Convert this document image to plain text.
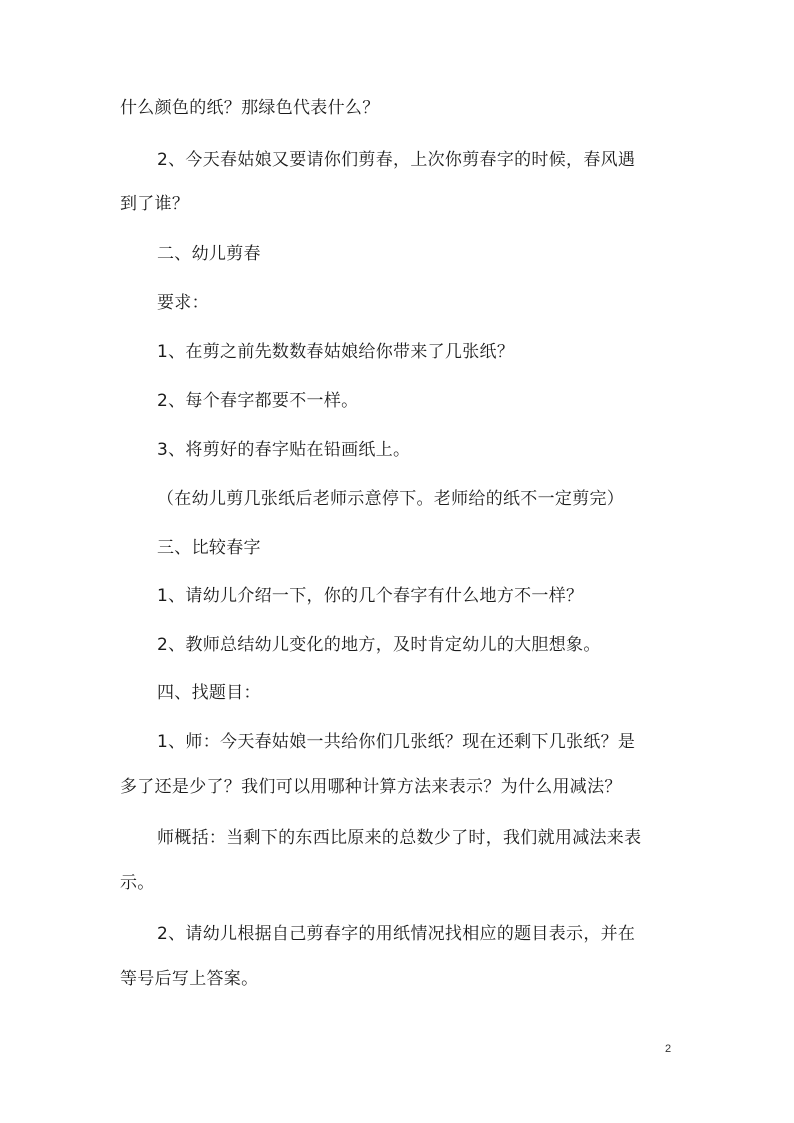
什么颜色的纸？那绿色代表什么？
2、今天春姑娘又要请你们剪春，上次你剪春字的时候，春风遇
到了谁？
二、幼儿剪春
要求：
1、在剪之前先数数春姑娘给你带来了几张纸？
2、每个春字都要不一样。
3、将剪好的春字贴在铅画纸上。
（在幼儿剪几张纸后老师示意停下。老师给的纸不一定剪完）
三、比较春字
1、请幼儿介绍一下，你的几个春字有什么地方不一样？
2、教师总结幼儿变化的地方，及时肯定幼儿的大胆想象。
四、找题目：
1、师：今天春姑娘一共给你们几张纸？现在还剩下几张纸？是
多了还是少了？我们可以用哪种计算方法来表示？为什么用减法？
师概括：当剩下的东西比原来的总数少了时，我们就用减法来表
示。
2、请幼儿根据自己剪春字的用纸情况找相应的题目表示，并在
等号后写上答案。
2
